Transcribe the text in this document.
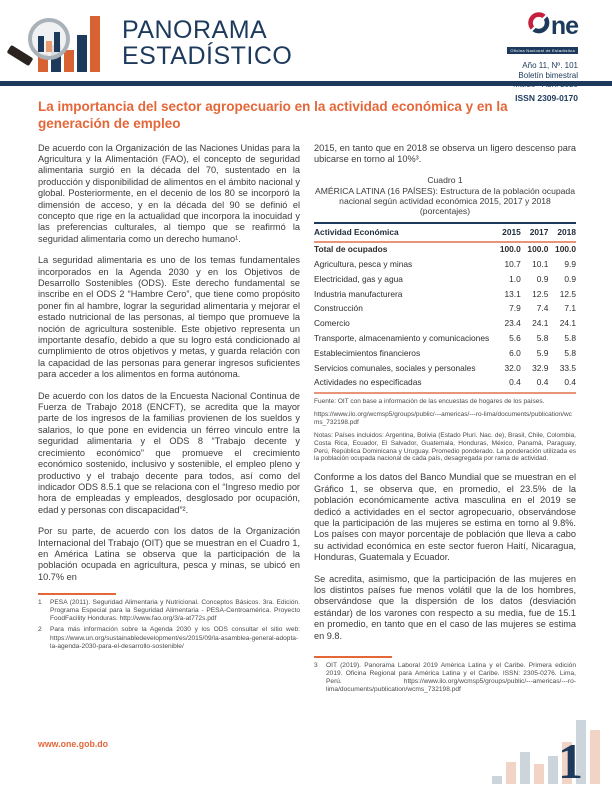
PANORAMA
ESTADÍSTICO
ne
Oficina Nacional de Estadística
Año 11, Nº. 101
Boletín bimestral
Marzo - Abril 2020
ISSN 2309-0170
La importancia del sector agropecuario en la actividad económica y en la generación de empleo

De acuerdo con la Organización de las Naciones Unidas para la Agricultura y la Alimentación (FAO), el concepto de seguridad alimentaria surgió en la década del 70, sustentado en la producción y disponibilidad de alimentos en el ámbito nacional y global. Posteriormente, en el decenio de los 80 se incorporó la dimensión de acceso, y en la década del 90 se definió el concepto que rige en la actualidad que incorpora la inocuidad y las preferencias culturales, al tiempo que se reafirmó la seguridad alimentaria como un derecho humano¹.

La seguridad alimentaria es uno de los temas fundamentales incorporados en la Agenda 2030 y en los Objetivos de Desarrollo Sostenibles (ODS). Este derecho fundamental se inscribe en el ODS 2 “Hambre Cero”, que tiene como propósito poner fin al hambre, lograr la seguridad alimentaria y mejorar el estado nutricional de las personas, al tiempo que promueve la noción de agricultura sostenible. Este objetivo representa un importante desafío, debido a que su logro está condicionado al cumplimiento de otros objetivos y metas, y guarda relación con la capacidad de las personas para generar ingresos suficientes para acceder a los alimentos en forma autónoma.

De acuerdo con los datos de la Encuesta Nacional Continua de Fuerza de Trabajo 2018 (ENCFT), se acredita que la mayor parte de los ingresos de la familias provienen de los sueldos y salarios, lo que pone en evidencia un férreo vinculo entre la seguridad alimentaria y el ODS 8 “Trabajo decente y crecimiento económico” que promueve el crecimiento económico sostenido, inclusivo y sostenible, el empleo pleno y productivo y el trabajo decente para todos, así como del indicador ODS 8.5.1 que se relaciona con el “Ingreso medio por hora de empleadas y empleados, desglosado por ocupación, edad y personas con discapacidad”².

Por su parte, de acuerdo con los datos de la Organización Internacional del Trabajo (OIT) que se muestran en el Cuadro 1, en América Latina se observa que la participación de la población ocupada en agricultura, pesca y minas, se ubicó en 10.7% en

1	PESA (2011). Seguridad Alimentaria y Nutricional. Conceptos Básicos. 3ra. Edición. Programa Especial para la Seguridad Alimentaria - PESA-Centroamérica. Proyecto FoodFacility Honduras. http://www.fao.org/3/a-at772s.pdf
2	Para más información sobre la Agenda 2030 y los ODS consultar el sitio web: https://www.un.org/sustainabledevelopment/es/2015/09/la-asamblea-general-adopta-la-agenda-2030-para-el-desarrollo-sostenible/

2015, en tanto que en 2018 se observa un ligero descenso para ubicarse en torno al 10%³.

Cuadro 1
AMÉRICA LATINA (16 PAÍSES): Estructura de la población ocupada nacional según actividad económica 2015, 2017 y 2018 (porcentajes)
Actividad Económica	2015	2017	2018
Total de ocupados	100.0	100.0	100.0
Agricultura, pesca y minas	10.7	10.1	9.9
Electricidad, gas y agua	1.0	0.9	0.9
Industria manufacturera	13.1	12.5	12.5
Construcción	7.9	7.4	7.1
Comercio	23.4	24.1	24.1
Transporte, almacenamiento y comunicaciones	5.6	5.8	5.8
Establecimientos financieros	6.0	5.9	5.8
Servicios comunales, sociales y personales	32.0	32.9	33.5
Actividades no especificadas	0.4	0.4	0.4
Fuente: OIT con base a información de las encuestas de hogares de los países.
https://www.ilo.org/wcmsp5/groups/public/---americas/---ro-lima/documents/publication/wcms_732198.pdf
Notas: Países incluidos: Argentina, Bolivia (Estado Pluri. Nac. de), Brasil, Chile, Colombia, Costa Rica, Ecuador, El Salvador, Guatemala, Honduras, México, Panamá, Paraguay, Perú, República Dominicana y Uruguay. Promedio ponderado. La ponderación utilizada es la población ocupada nacional de cada país, desagregada por rama de actividad.

Conforme a los datos del Banco Mundial que se muestran en el Gráfico 1, se observa que, en promedio, el 23.5% de la población económicamente activa masculina en el 2019 se dedicó a actividades en el sector agropecuario, observándose que la participación de las mujeres se estima en torno al 9.8%. Los países con mayor porcentaje de población que lleva a cabo su actividad económica en este sector fueron Haití, Nicaragua, Honduras, Guatemala y Ecuador.

Se acredita, asimismo, que la participación de las mujeres en los distintos países fue menos volátil que la de los hombres, observándose que la dispersión de los datos (desviación estándar) de los varones con respecto a su media, fue de 15.1 en promedio, en tanto que en el caso de las mujeres se estima en 9.8.

3	OIT (2019). Panorama Laboral 2019 América Latina y el Caribe. Primera edición 2019. Oficina Regional para América Latina y el Caribe. ISSN: 2305-0276. Lima, Perú. https://www.ilo.org/wcmsp5/groups/public/---americas/---ro-lima/documents/publication/wcms_732198.pdf
www.one.gob.do	1
